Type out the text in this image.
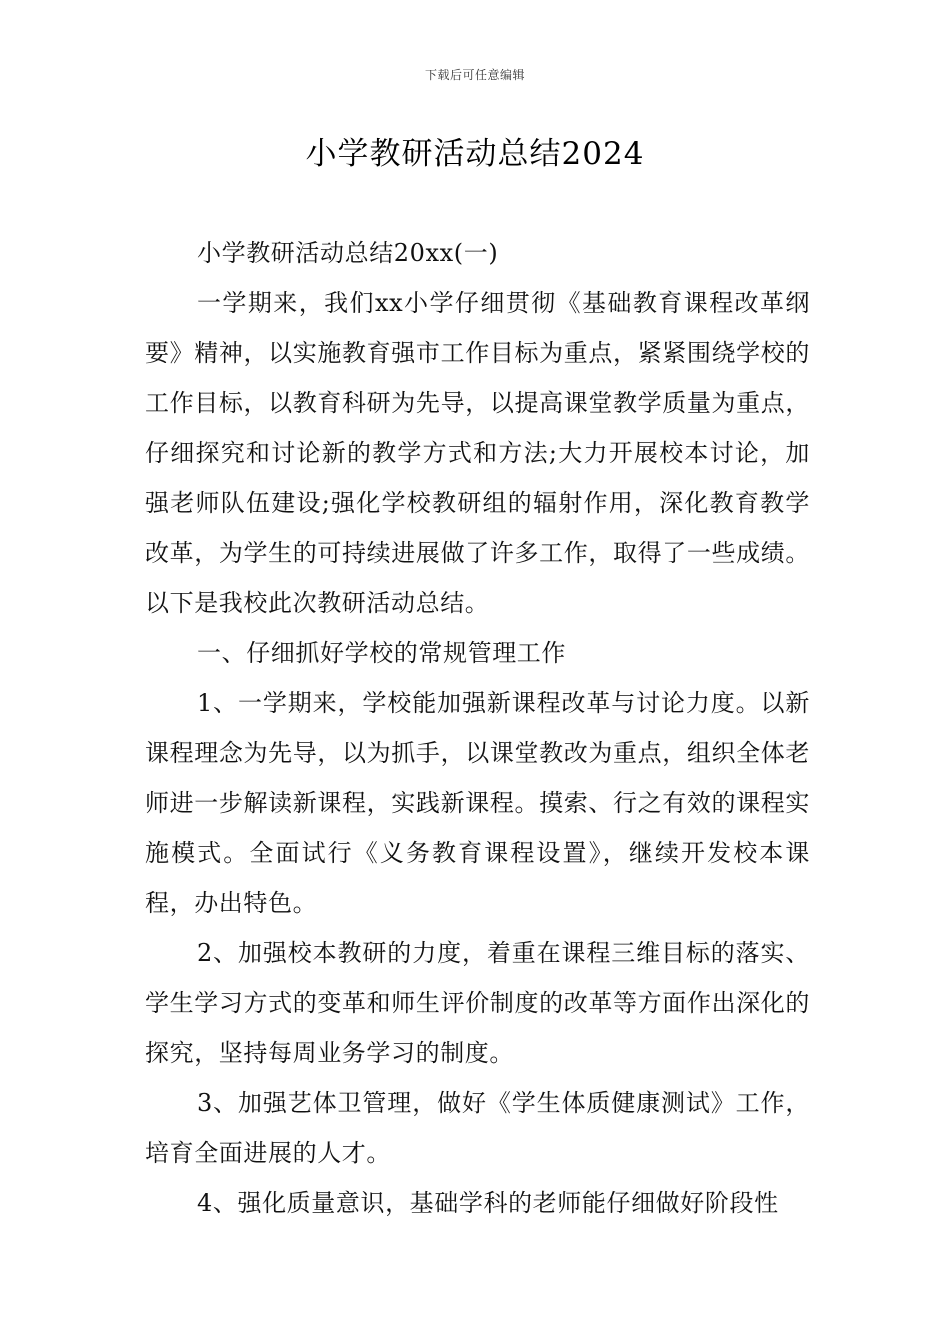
下载后可任意编辑
小学教研活动总结2024

小学教研活动总结20xx(一)

一学期来，我们xx小学仔细贯彻《基础教育课程改革纲要》精神，以实施教育强市工作目标为重点，紧紧围绕学校的工作目标，以教育科研为先导，以提高课堂教学质量为重点，仔细探究和讨论新的教学方式和方法;大力开展校本讨论，加强老师队伍建设;强化学校教研组的辐射作用，深化教育教学改革，为学生的可持续进展做了许多工作，取得了一些成绩。以下是我校此次教研活动总结。

一、仔细抓好学校的常规管理工作

1、一学期来，学校能加强新课程改革与讨论力度。以新课程理念为先导，以为抓手，以课堂教改为重点，组织全体老师进一步解读新课程，实践新课程。摸索、行之有效的课程实施模式。全面试行《义务教育课程设置》，继续开发校本课程，办出特色。

2、加强校本教研的力度，着重在课程三维目标的落实、学生学习方式的变革和师生评价制度的改革等方面作出深化的探究，坚持每周业务学习的制度。

3、加强艺体卫管理，做好《学生体质健康测试》工作，培育全面进展的人才。

4、强化质量意识，基础学科的老师能仔细做好阶段性
